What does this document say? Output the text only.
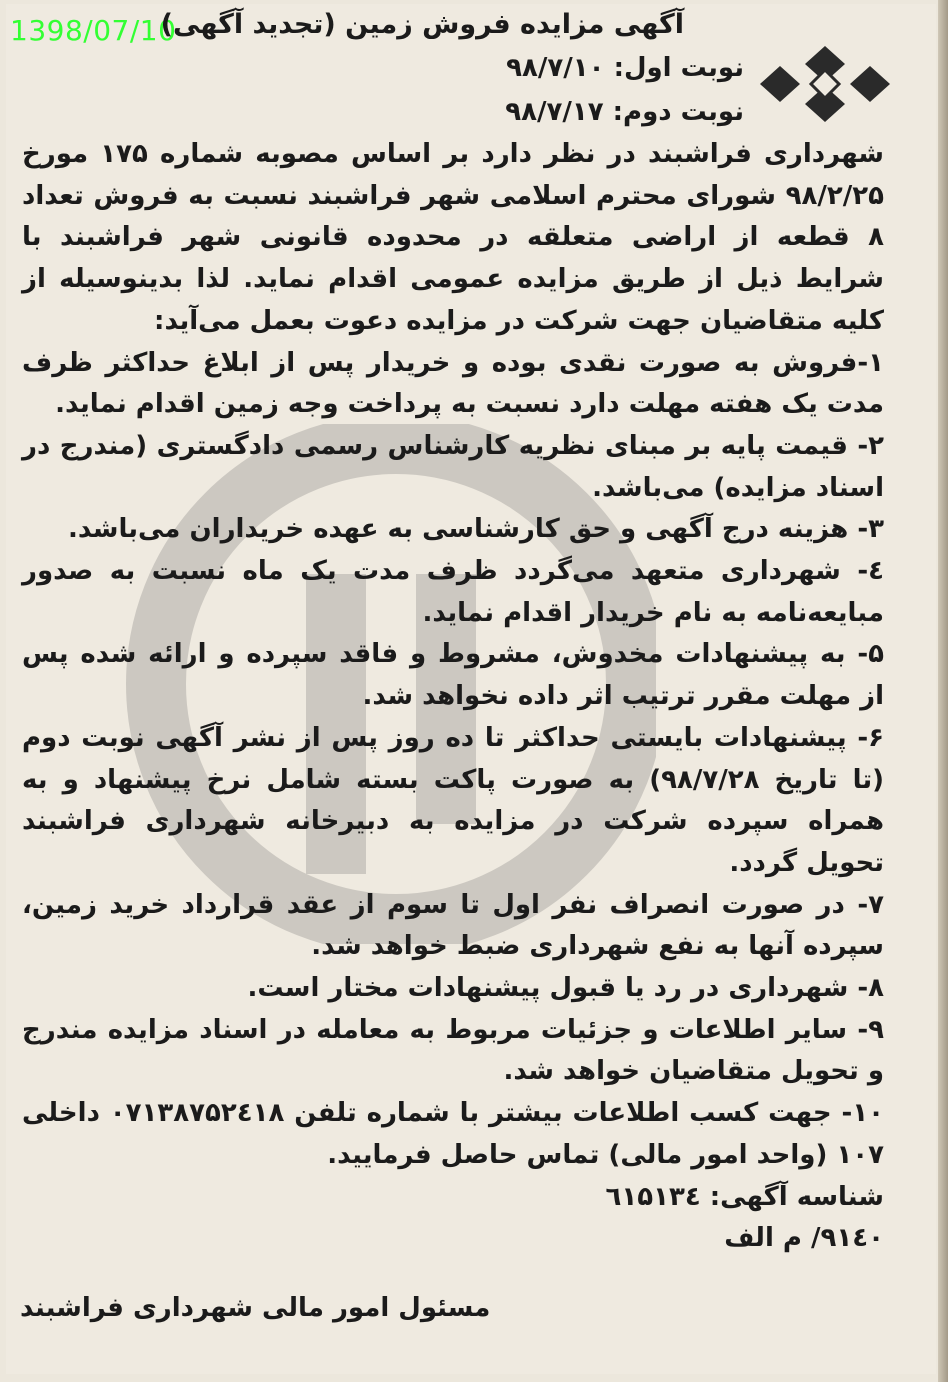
1398/07/10

آگهی مزایده فروش زمین (تجدید آگهی)

نوبت اول: ۹۸/۷/۱۰

نوبت دوم: ۹۸/۷/۱۷

شهرداری فراشبند در نظر دارد بر اساس مصوبه شماره ۱۷۵ مورخ ۹۸/۲/۲۵ شورای محترم اسلامی شهر فراشبند نسبت به فروش تعداد ۸ قطعه از اراضی متعلقه در محدوده قانونی شهر فراشبند با شرایط ذیل از طریق مزایده عمومی اقدام نماید. لذا بدینوسیله از کلیه متقاضیان جهت شرکت در مزایده دعوت بعمل می‌آید:

۱-فروش به صورت نقدی بوده و خریدار پس از ابلاغ حداکثر ظرف مدت یک هفته مهلت دارد نسبت به پرداخت وجه زمین اقدام نماید.

۲- قیمت پایه بر مبنای نظریه کارشناس رسمی دادگستری (مندرج در اسناد مزایده) می‌باشد.

۳- هزینه درج آگهی و حق کارشناسی به عهده خریداران می‌باشد.

٤- شهرداری متعهد می‌گردد ظرف مدت یک ماه نسبت به صدور مبایعه‌نامه به نام خریدار اقدام نماید.

۵- به پیشنهادات مخدوش، مشروط و فاقد سپرده و ارائه شده پس از مهلت مقرر ترتیب اثر داده نخواهد شد.

۶- پیشنهادات بایستی حداکثر تا ده روز پس از نشر آگهی نوبت دوم (تا تاریخ ۹۸/۷/۲۸) به صورت پاکت بسته شامل نرخ پیشنهاد و به همراه سپرده شرکت در مزایده به دبیرخانه شهرداری فراشبند تحویل گردد.

۷- در صورت انصراف نفر اول تا سوم از عقد قرارداد خرید زمین، سپرده آنها به نفع شهرداری ضبط خواهد شد.

۸- شهرداری در رد یا قبول پیشنهادات مختار است.

۹- سایر اطلاعات و جزئیات مربوط به معامله در اسناد مزایده مندرج و تحویل متقاضیان خواهد شد.

۱۰- جهت کسب اطلاعات بیشتر با شماره تلفن ۰۷۱۳۸۷۵۲٤۱۸ داخلی ۱۰۷ (واحد امور مالی) تماس حاصل فرمایید.

شناسه آگهی: ٦۱۵۱۳٤

۹۱٤۰/ م الف

مسئول امور مالی شهرداری فراشبند
